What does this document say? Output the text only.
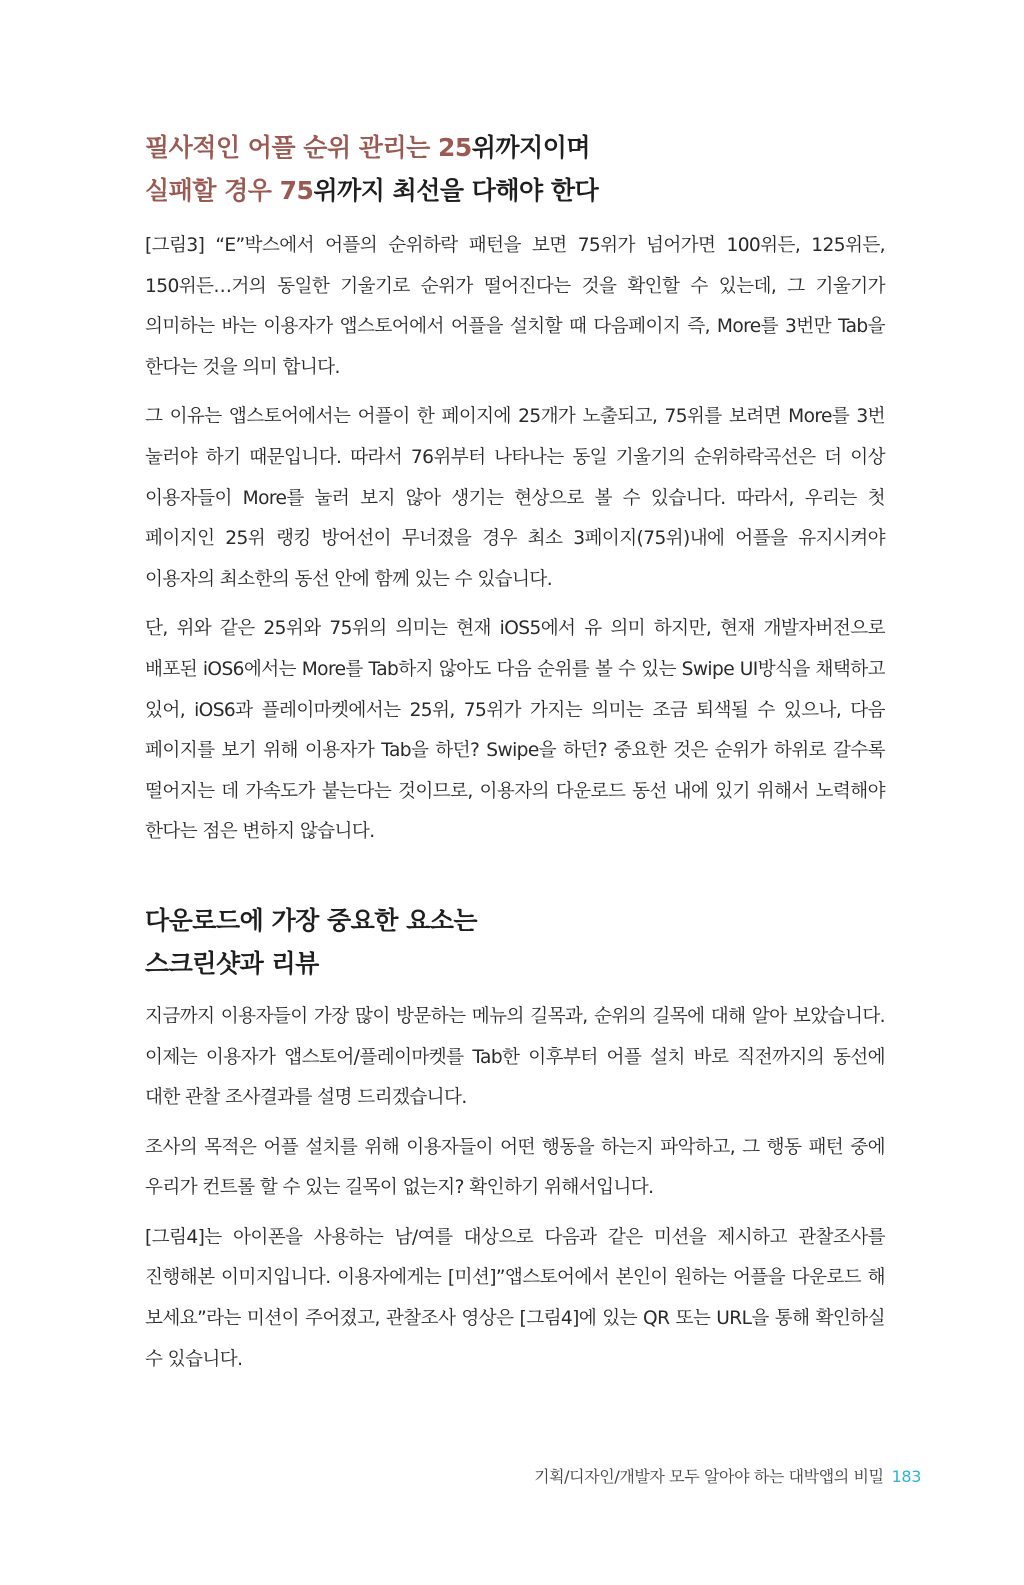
필사적인 어플 순위 관리는 25위까지이며
실패할 경우 75위까지 최선을 다해야 한다

[그림3] “E”박스에서 어플의 순위하락 패턴을 보면 75위가 넘어가면 100위든, 125위든, 150위든…거의 동일한 기울기로 순위가 떨어진다는 것을 확인할 수 있는데, 그 기울기가 의미하는 바는 이용자가 앱스토어에서 어플을 설치할 때 다음페이지 즉, More를 3번만 Tab을 한다는 것을 의미 합니다.

그 이유는 앱스토어에서는 어플이 한 페이지에 25개가 노출되고, 75위를 보려면 More를 3번 눌러야 하기 때문입니다. 따라서 76위부터 나타나는 동일 기울기의 순위하락곡선은 더 이상 이용자들이 More를 눌러 보지 않아 생기는 현상으로 볼 수 있습니다. 따라서, 우리는 첫 페이지인 25위 랭킹 방어선이 무너졌을 경우 최소 3페이지(75위)내에 어플을 유지시켜야 이용자의 최소한의 동선 안에 함께 있는 수 있습니다.

단, 위와 같은 25위와 75위의 의미는 현재 iOS5에서 유 의미 하지만, 현재 개발자버전으로 배포된 iOS6에서는 More를 Tab하지 않아도 다음 순위를 볼 수 있는 Swipe UI방식을 채택하고 있어, iOS6과 플레이마켓에서는 25위, 75위가 가지는 의미는 조금 퇴색될 수 있으나, 다음 페이지를 보기 위해 이용자가 Tab을 하던? Swipe을 하던? 중요한 것은 순위가 하위로 갈수록 떨어지는 데 가속도가 붙는다는 것이므로, 이용자의 다운로드 동선 내에 있기 위해서 노력해야 한다는 점은 변하지 않습니다.

다운로드에 가장 중요한 요소는
스크린샷과 리뷰

지금까지 이용자들이 가장 많이 방문하는 메뉴의 길목과, 순위의 길목에 대해 알아 보았습니다. 이제는 이용자가 앱스토어/플레이마켓를 Tab한 이후부터 어플 설치 바로 직전까지의 동선에 대한 관찰 조사결과를 설명 드리겠습니다.

조사의 목적은 어플 설치를 위해 이용자들이 어떤 행동을 하는지 파악하고, 그 행동 패턴 중에 우리가 컨트롤 할 수 있는 길목이 없는지? 확인하기 위해서입니다.

[그림4]는 아이폰을 사용하는 남/여를 대상으로 다음과 같은 미션을 제시하고 관찰조사를 진행해본 이미지입니다. 이용자에게는 [미션]”앱스토어에서 본인이 원하는 어플을 다운로드 해 보세요”라는 미션이 주어졌고, 관찰조사 영상은 [그림4]에 있는 QR 또는 URL을 통해 확인하실 수 있습니다.

기획/디자인/개발자 모두 알아야 하는 대박앱의 비밀 183
